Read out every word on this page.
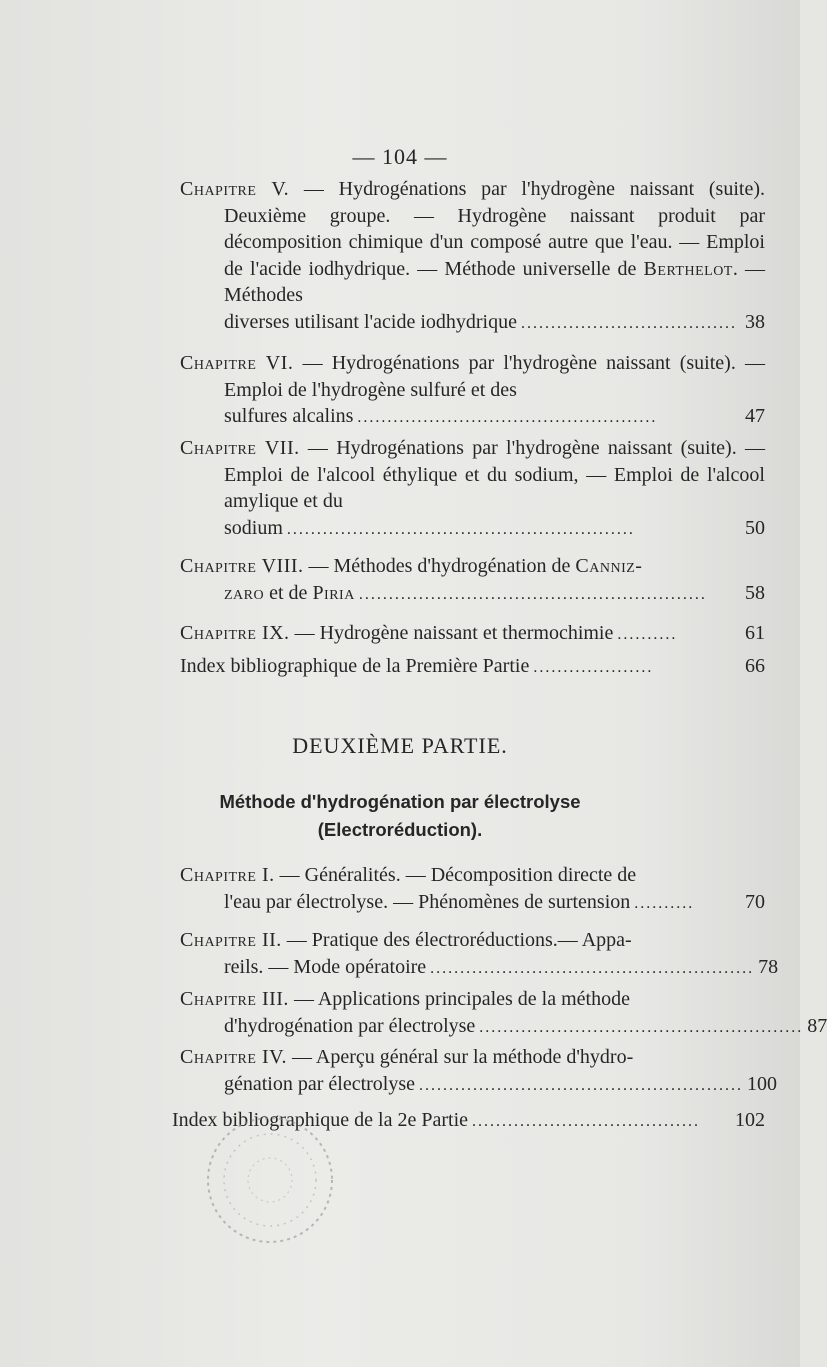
— 104 —
Chapitre V. — Hydrogénations par l'hydrogène naissant (suite). Deuxième groupe. — Hydrogène naissant produit par décomposition chimique d'un composé autre que l'eau. — Emploi de l'acide iodhydrique. — Méthode universelle de Berthelot. — Méthodes
diverses utilisant l'acide iodhydrique .................................... 38
Chapitre VI. — Hydrogénations par l'hydrogène naissant (suite). — Emploi de l'hydrogène sulfuré et des
sulfures alcalins ..................................................	47
Chapitre VII. — Hydrogénations par l'hydrogène naissant (suite). — Emploi de l'alcool éthylique et du sodium, — Emploi de l'alcool amylique et du
sodium ..........................................................	50
Chapitre VIII. — Méthodes d'hydrogénation de Canniz-
zaro et de Piria ..........................................................	58
Chapitre IX. — Hydrogène naissant et thermochimie ..........	61
Index bibliographique de la Première Partie ....................	66
DEUXIÈME PARTIE.
Méthode d'hydrogénation par électrolyse
(Electroréduction).
Chapitre I. — Généralités. — Décomposition directe de
l'eau par électrolyse. — Phénomènes de surtension ..........	70
Chapitre II. — Pratique des électroréductions.— Appa-
reils. — Mode opératoire ...................................................... 78
Chapitre III. — Applications principales de la méthode
d'hydrogénation par électrolyse ...................................................... 87
Chapitre IV. — Aperçu général sur la méthode d'hydro-
génation par électrolyse ...................................................... 100
Index bibliographique de la 2e Partie ......................................	102
